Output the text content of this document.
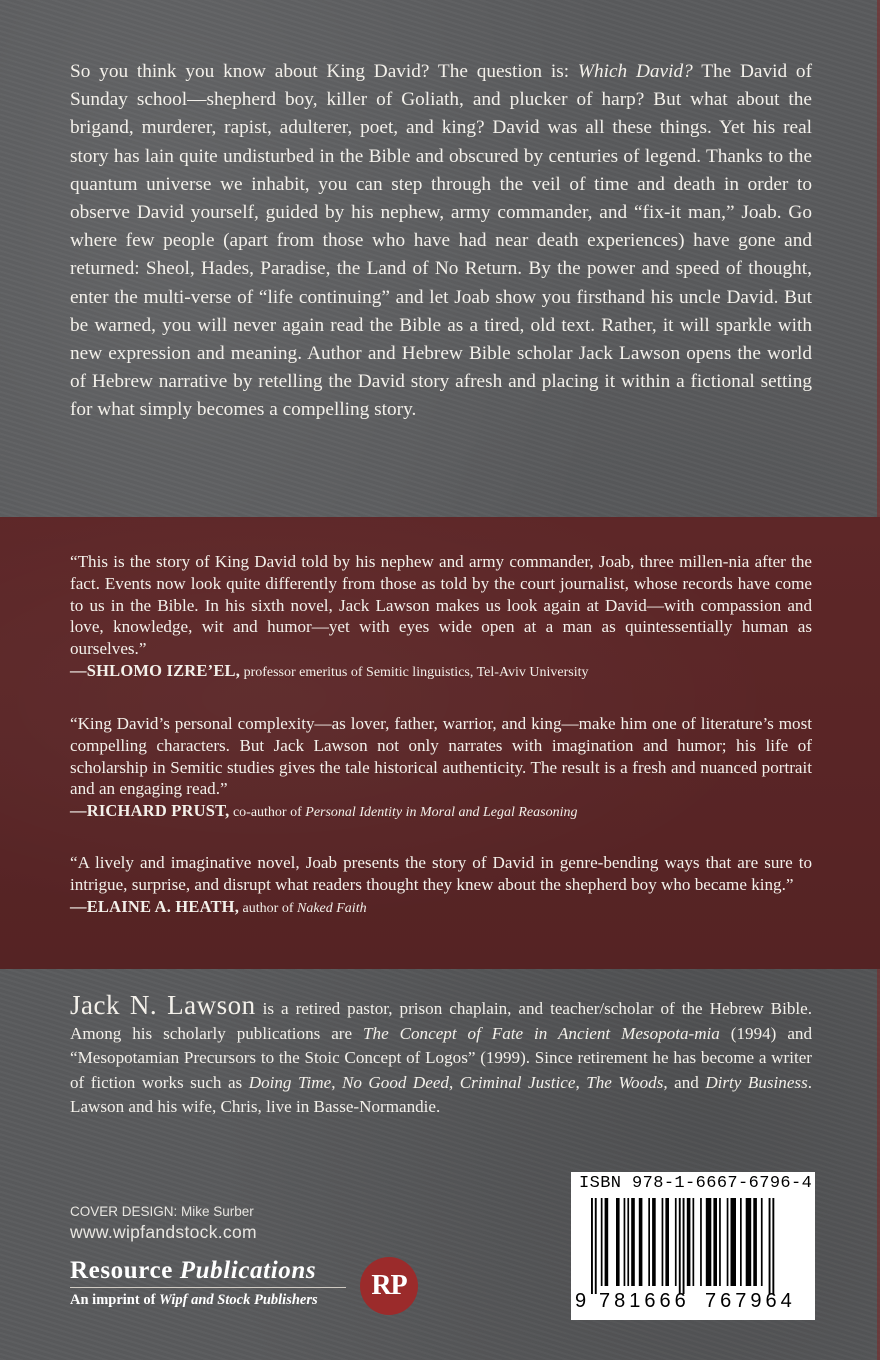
So you think you know about King David? The question is: Which David? The David of Sunday school—shepherd boy, killer of Goliath, and plucker of harp? But what about the brigand, murderer, rapist, adulterer, poet, and king? David was all these things. Yet his real story has lain quite undisturbed in the Bible and obscured by centuries of legend. Thanks to the quantum universe we inhabit, you can step through the veil of time and death in order to observe David yourself, guided by his nephew, army commander, and “fix-it man,” Joab. Go where few people (apart from those who have had near death experiences) have gone and returned: Sheol, Hades, Paradise, the Land of No Return. By the power and speed of thought, enter the multi-verse of “life continuing” and let Joab show you firsthand his uncle David. But be warned, you will never again read the Bible as a tired, old text. Rather, it will sparkle with new expression and meaning. Author and Hebrew Bible scholar Jack Lawson opens the world of Hebrew narrative by retelling the David story afresh and placing it within a fictional setting for what simply becomes a compelling story.

“This is the story of King David told by his nephew and army commander, Joab, three millen-nia after the fact. Events now look quite differently from those as told by the court journalist, whose records have come to us in the Bible. In his sixth novel, Jack Lawson makes us look again at David—with compassion and love, knowledge, wit and humor—yet with eyes wide open at a man as quintessentially human as ourselves.”
—SHLOMO IZRE’EL, professor emeritus of Semitic linguistics, Tel-Aviv University

“King David’s personal complexity—as lover, father, warrior, and king—make him one of literature’s most compelling characters. But Jack Lawson not only narrates with imagination and humor; his life of scholarship in Semitic studies gives the tale historical authenticity. The result is a fresh and nuanced portrait and an engaging read.”
—RICHARD PRUST, co-author of Personal Identity in Moral and Legal Reasoning

“A lively and imaginative novel, Joab presents the story of David in genre-bending ways that are sure to intrigue, surprise, and disrupt what readers thought they knew about the shepherd boy who became king.”
—ELAINE A. HEATH, author of Naked Faith

Jack N. Lawson is a retired pastor, prison chaplain, and teacher/scholar of the Hebrew Bible. Among his scholarly publications are The Concept of Fate in Ancient Mesopota-mia (1994) and “Mesopotamian Precursors to the Stoic Concept of Logos” (1999). Since retirement he has become a writer of fiction works such as Doing Time, No Good Deed, Criminal Justice, The Woods, and Dirty Business. Lawson and his wife, Chris, live in Basse-Normandie.

COVER DESIGN: Mike Surber
www.wipfandstock.com
Resource Publications
An imprint of Wipf and Stock Publishers	RP
ISBN 978-1-6667-6796-4
9 781666 767964
